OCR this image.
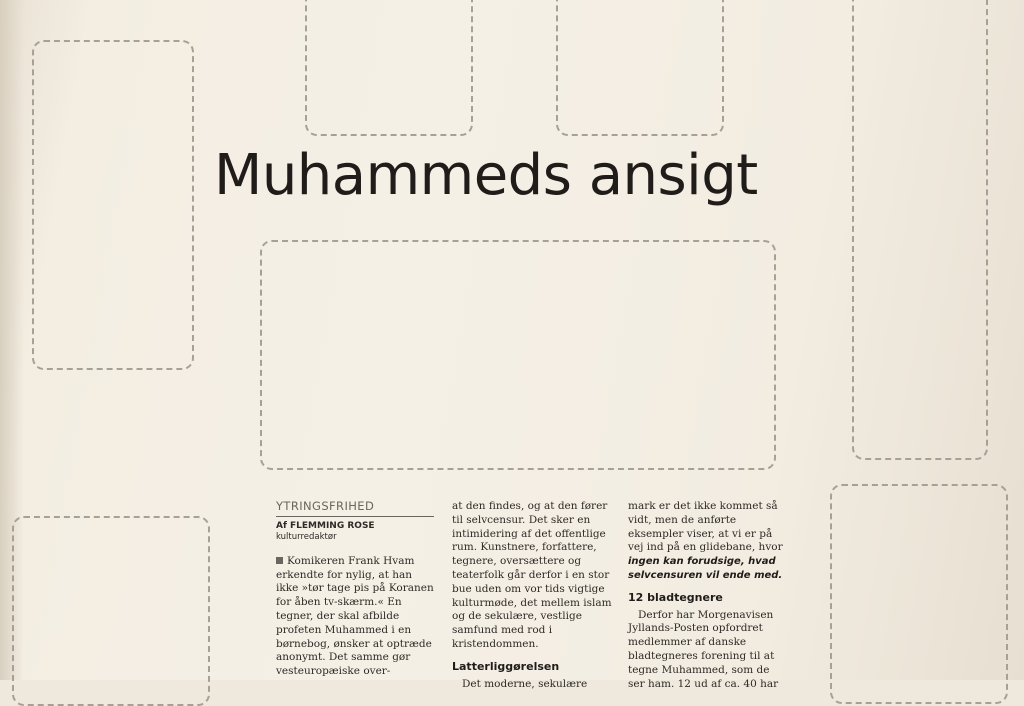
Muhammeds ansigt
YTRINGSFRIHED
Af FLEMMING ROSE
kulturredaktør

Komikeren Frank Hvam erkendte for nylig, at han ikke »tør tage pis på Koranen for åben tv-skærm.« En tegner, der skal afbilde profeten Muhammed i en børnebog, ønsker at optræde anonymt. Det samme gør vesteuropæiske over-

at den findes, og at den fører til selvcensur. Det sker en intimidering af det offentlige rum. Kunstnere, forfattere, tegnere, oversættere og teaterfolk går derfor i en stor bue uden om vor tids vigtige kulturmøde, det mellem islam og de sekulære, vestlige samfund med rod i kristendommen.

Latterliggørelsen

Det moderne, sekulære

mark er det ikke kommet så vidt, men de anførte eksempler viser, at vi er på vej ind på en glidebane, hvor ingen kan forudsige, hvad selvcensuren vil ende med.

12 bladtegnere

Derfor har Morgenavisen Jyllands-Posten opfordret medlemmer af danske bladtegneres forening til at tegne Muhammed, som de ser ham. 12 ud af ca. 40 har
